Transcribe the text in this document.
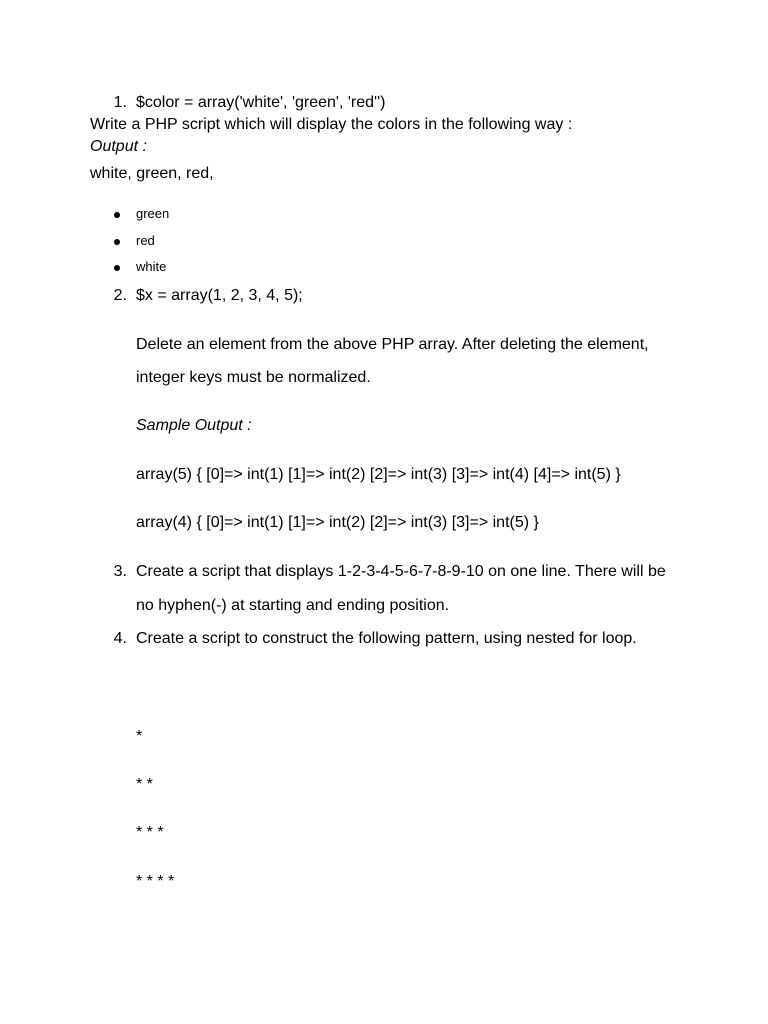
1. $color = array('white', 'green', 'red'')
Write a PHP script which will display the colors in the following way :
Output :
white, green, red,
green
red
white
2. $x = array(1, 2, 3, 4, 5);
Delete an element from the above PHP array. After deleting the element,
integer keys must be normalized.
Sample Output :
array(5) { [0]=> int(1) [1]=> int(2) [2]=> int(3) [3]=> int(4) [4]=> int(5) }
array(4) { [0]=> int(1) [1]=> int(2) [2]=> int(3) [3]=> int(5) }
3. Create a script that displays 1-2-3-4-5-6-7-8-9-10 on one line. There will be
no hyphen(-) at starting and ending position.
4. Create a script to construct the following pattern, using nested for loop.
*
* *
* * *
* * * *
